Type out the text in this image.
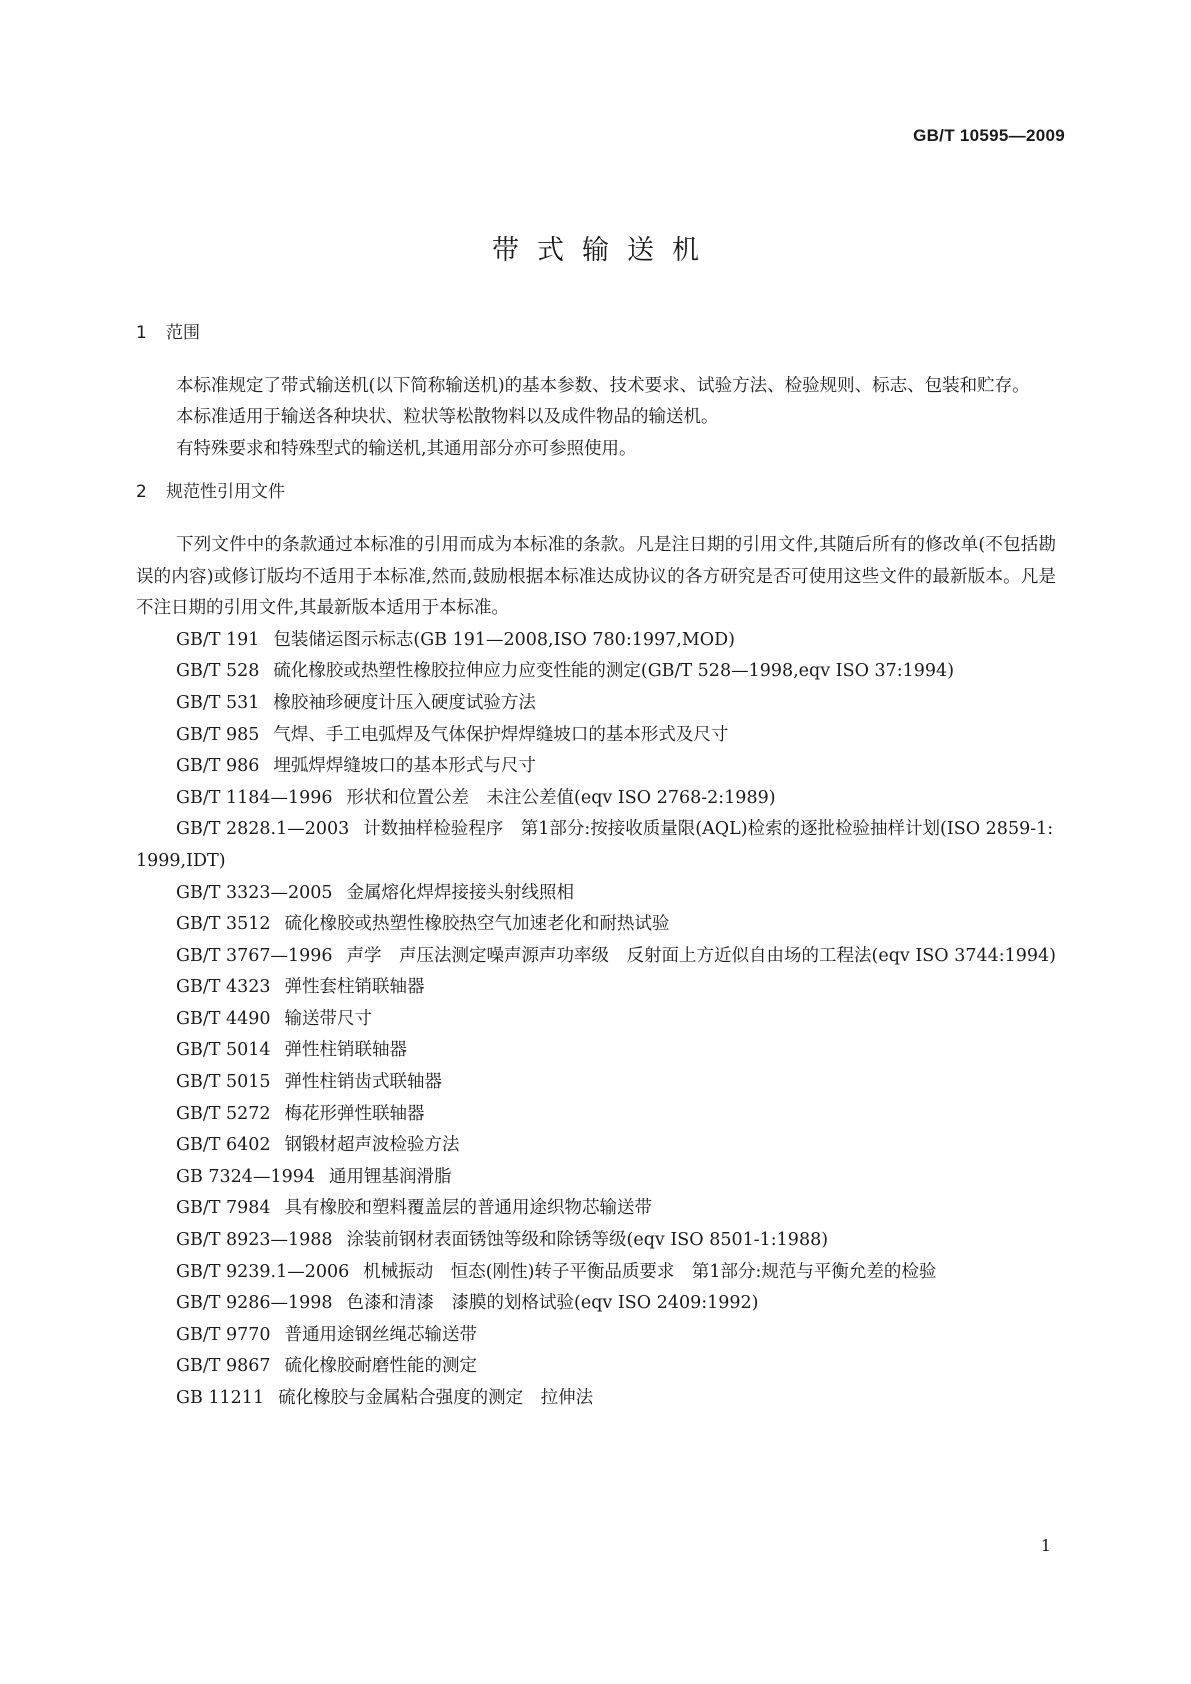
GB/T 10595—2009
带式输送机
1 范围
本标准规定了带式输送机(以下简称输送机)的基本参数、技术要求、试验方法、检验规则、标志、包装和贮存。
本标准适用于输送各种块状、粒状等松散物料以及成件物品的输送机。
有特殊要求和特殊型式的输送机,其通用部分亦可参照使用。
2 规范性引用文件
下列文件中的条款通过本标准的引用而成为本标准的条款。凡是注日期的引用文件,其随后所有的修改单(不包括勘误的内容)或修订版均不适用于本标准,然而,鼓励根据本标准达成协议的各方研究是否可使用这些文件的最新版本。凡是不注日期的引用文件,其最新版本适用于本标准。
GB/T 191 包装储运图示标志(GB 191—2008,ISO 780:1997,MOD)
GB/T 528 硫化橡胶或热塑性橡胶拉伸应力应变性能的测定(GB/T 528—1998,eqv ISO 37:1994)
GB/T 531 橡胶袖珍硬度计压入硬度试验方法
GB/T 985 气焊、手工电弧焊及气体保护焊焊缝坡口的基本形式及尺寸
GB/T 986 埋弧焊焊缝坡口的基本形式与尺寸
GB/T 1184—1996 形状和位置公差　未注公差值(eqv ISO 2768-2:1989)
GB/T 2828.1—2003 计数抽样检验程序　第1部分:按接收质量限(AQL)检索的逐批检验抽样计划(ISO 2859-1:1999,IDT)
GB/T 3323—2005 金属熔化焊焊接接头射线照相
GB/T 3512 硫化橡胶或热塑性橡胶热空气加速老化和耐热试验
GB/T 3767—1996 声学　声压法测定噪声源声功率级　反射面上方近似自由场的工程法(eqv ISO 3744:1994)
GB/T 4323 弹性套柱销联轴器
GB/T 4490 输送带尺寸
GB/T 5014 弹性柱销联轴器
GB/T 5015 弹性柱销齿式联轴器
GB/T 5272 梅花形弹性联轴器
GB/T 6402 钢锻材超声波检验方法
GB 7324—1994 通用锂基润滑脂
GB/T 7984 具有橡胶和塑料覆盖层的普通用途织物芯输送带
GB/T 8923—1988 涂装前钢材表面锈蚀等级和除锈等级(eqv ISO 8501-1:1988)
GB/T 9239.1—2006 机械振动　恒态(刚性)转子平衡品质要求　第1部分:规范与平衡允差的检验
GB/T 9286—1998 色漆和清漆　漆膜的划格试验(eqv ISO 2409:1992)
GB/T 9770 普通用途钢丝绳芯输送带
GB/T 9867 硫化橡胶耐磨性能的测定
GB 11211 硫化橡胶与金属粘合强度的测定　拉伸法
1
